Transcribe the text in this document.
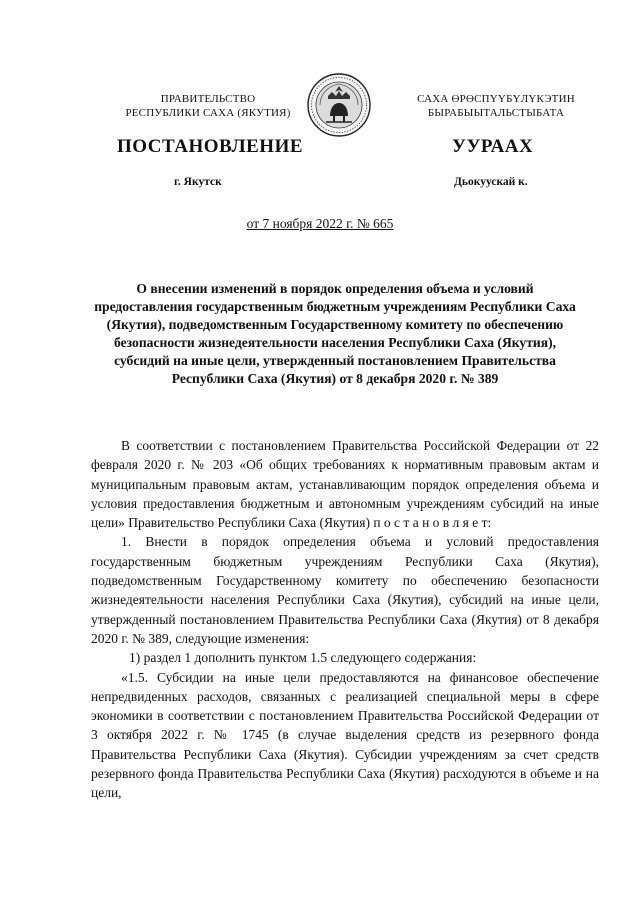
ПРАВИТЕЛЬСТВО
РЕСПУБЛИКИ САХА (ЯКУТИЯ)
САХА ӨРӨСПҮҮБҮЛҮКЭТИН
БЫРАБЫЫТАЛЬСТЫБАТА
ПОСТАНОВЛЕНИЕ	УУРААХ
г. Якутск	Дьокуускай к.
от 7 ноября 2022 г. № 665
О внесении изменений в порядок определения объема и условий предоставления государственным бюджетным учреждениям Республики Саха (Якутия), подведомственным Государственному комитету по обеспечению безопасности жизнедеятельности населения Республики Саха (Якутия), субсидий на иные цели, утвержденный постановлением Правительства Республики Саха (Якутия) от 8 декабря 2020 г. № 389

В соответствии с постановлением Правительства Российской Федерации от 22 февраля 2020 г. № 203 «Об общих требованиях к нормативным правовым актам и муниципальным правовым актам, устанавливающим порядок определения объема и условия предоставления бюджетным и автономным учреждениям субсидий на иные цели» Правительство Республики Саха (Якутия) п о с т а н о в л я е т:

1. Внести в порядок определения объема и условий предоставления государственным бюджетным учреждениям Республики Саха (Якутия), подведомственным Государственному комитету по обеспечению безопасности жизнедеятельности населения Республики Саха (Якутия), субсидий на иные цели, утвержденный постановлением Правительства Республики Саха (Якутия) от 8 декабря 2020 г. № 389, следующие изменения:

1) раздел 1 дополнить пунктом 1.5 следующего содержания:

«1.5. Субсидии на иные цели предоставляются на финансовое обеспечение непредвиденных расходов, связанных с реализацией специальной меры в сфере экономики в соответствии с постановлением Правительства Российской Федерации от 3 октября 2022 г. № 1745 (в случае выделения средств из резервного фонда Правительства Республики Саха (Якутия). Субсидии учреждениям за счет средств резервного фонда Правительства Республики Саха (Якутия) расходуются в объеме и на цели,
